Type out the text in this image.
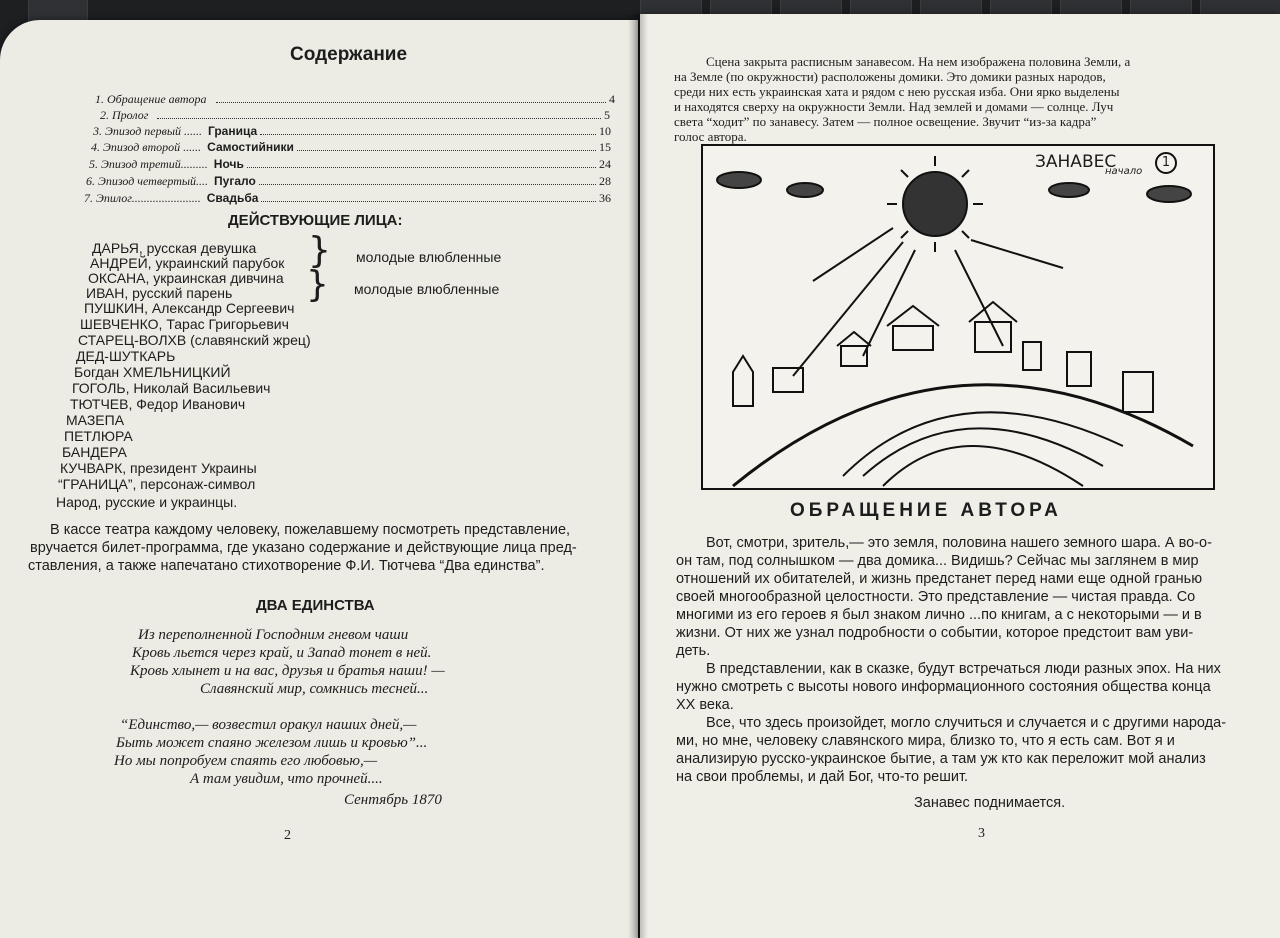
Содержание
1. Обращение автора	4
2. Пролог	5
3. Эпизод первый ...... Граница	10
4. Эпизод второй ...... Самостийники	15
5. Эпизод третий......... Ночь	24
6. Эпизод четвертый.... Пугало	28
7. Эпилог....................... Свадьба	36
ДЕЙСТВУЮЩИЕ ЛИЦА:
ДАРЬЯ, русская девушка
АНДРЕЙ, украинский парубок
ОКСАНА, украинская дивчина
ИВАН, русский парень
ПУШКИН, Александр Сергеевич
ШЕВЧЕНКО, Тарас Григорьевич
СТАРЕЦ-ВОЛХВ (славянский жрец)
ДЕД-ШУТКАРЬ
Богдан ХМЕЛЬНИЦКИЙ
ГОГОЛЬ, Николай Васильевич
ТЮТЧЕВ, Федор Иванович
МАЗЕПА
ПЕТЛЮРА
БАНДЕРА
КУЧВАРК, президент Украины
“ГРАНИЦА”, персонаж-символ
Народ, русские и украинцы.
}
}
молодые влюбленные
молодые влюбленные
В кассе театра каждому человеку, пожелавшему посмотреть представление,
вручается билет-программа, где указано содержание и действующие лица пред-
ставления, а также напечатано стихотворение Ф.И. Тютчева “Два единства”.
ДВА ЕДИНСТВА
Из переполненной Господним гневом чаши
Кровь льется через край, и Запад тонет в ней.
Кровь хлынет и на вас, друзья и братья наши! —
Славянский мир, сомкнись тесней...
“Единство,— возвестил оракул наших дней,—
Быть может спаяно железом лишь и кровью”...
Но мы попробуем спаять его любовью,—
А там увидим, что прочней....
Сентябрь 1870
2
Сцена закрыта расписным занавесом. На нем изображена половина Земли, а
на Земле (по окружности) расположены домики. Это домики разных народов,
среди них есть украинская хата и рядом с нею русская изба. Они ярко выделены
и находятся сверху на окружности Земли. Над землей и домами — солнце. Луч
света “ходит” по занавесу. Затем — полное освещение. Звучит “из-за кадра”
голос автора.
ЗАНАВЕС
начало
1
ОБРАЩЕНИЕ АВТОРА
Вот, смотри, зритель,— это земля, половина нашего земного шара. А во-о-
он там, под солнышком — два домика... Видишь? Сейчас мы заглянем в мир
отношений их обитателей, и жизнь предстанет перед нами еще одной гранью
своей многообразной целостности. Это представление — чистая правда. Со
многими из его героев я был знаком лично ...по книгам, а с некоторыми — и в
жизни. От них же узнал подробности о событии, которое предстоит вам уви-
деть.
В представлении, как в сказке, будут встречаться люди разных эпох. На них
нужно смотреть с высоты нового информационного состояния общества конца
XX века.
Все, что здесь произойдет, могло случиться и случается и с другими народа-
ми, но мне, человеку славянского мира, близко то, что я есть сам. Вот я и
анализирую русско-украинское бытие, а там уж кто как переложит мой анализ
на свои проблемы, и дай Бог, что-то решит.
Занавес поднимается.
3
